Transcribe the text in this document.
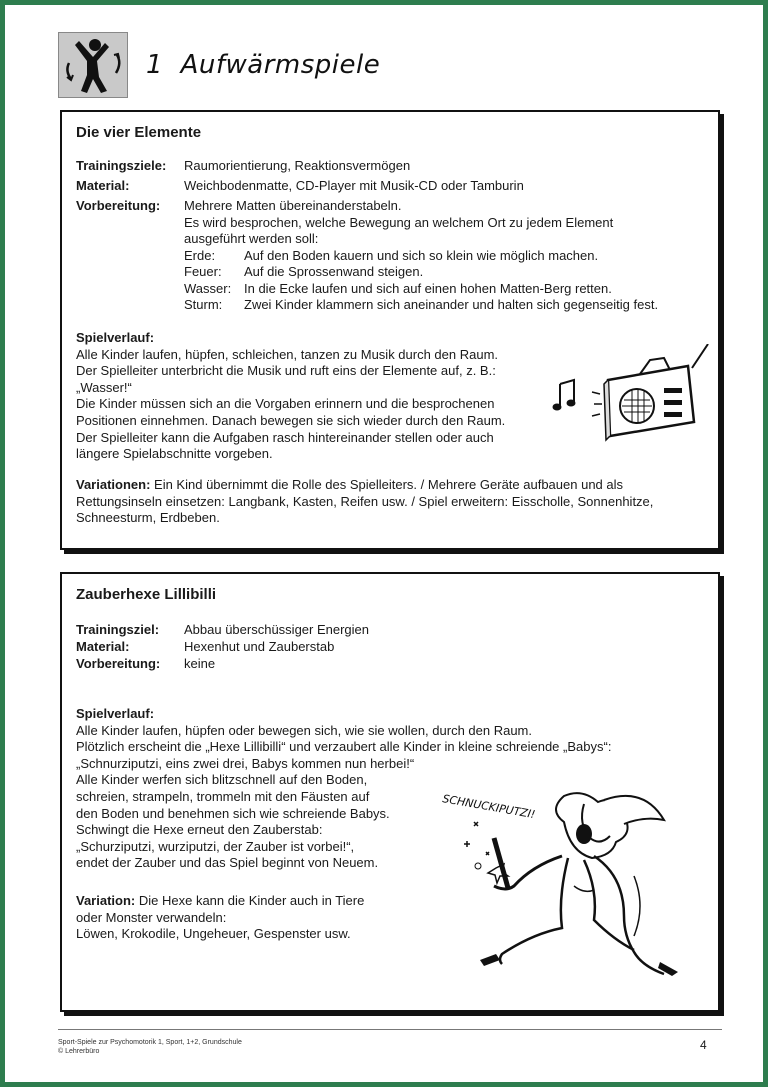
1 Aufwärmspiele
Die vier Elemente
Trainingsziele:	Raumorientierung, Reaktionsvermögen
Material:	Weichbodenmatte, CD-Player mit Musik-CD oder Tamburin
Vorbereitung:	Mehrere Matten übereinanderstabeln.
Es wird besprochen, welche Bewegung an welchem Ort zu jedem Element
ausgeführt werden soll:
Erde:	Auf den Boden kauern und sich so klein wie möglich machen.
Feuer:	Auf die Sprossenwand steigen.
Wasser: In die Ecke laufen und sich auf einen hohen Matten-Berg retten.
Sturm:	Zwei Kinder klammern sich aneinander und halten sich gegenseitig fest.

Spielverlauf:

Alle Kinder laufen, hüpfen, schleichen, tanzen zu Musik durch den Raum.

Der Spielleiter unterbricht die Musik und ruft eins der Elemente auf, z. B.:

„Wasser!“

Die Kinder müssen sich an die Vorgaben erinnern und die besprochenen

Positionen einnehmen. Danach bewegen sie sich wieder durch den Raum.

Der Spielleiter kann die Aufgaben rasch hintereinander stellen oder auch

längere Spielabschnitte vorgeben.

Variationen: Ein Kind übernimmt die Rolle des Spielleiters. / Mehrere Geräte aufbauen und als

Rettungsinseln einsetzen: Langbank, Kasten, Reifen usw. / Spiel erweitern: Eisscholle, Sonnenhitze,

Schneesturm, Erdbeben.

Zauberhexe Lillibilli
Trainingsziel:	Abbau überschüssiger Energien
Material:	Hexenhut und Zauberstab
Vorbereitung:	keine

Spielverlauf:

Alle Kinder laufen, hüpfen oder bewegen sich, wie sie wollen, durch den Raum.

Plötzlich erscheint die „Hexe Lillibilli“ und verzaubert alle Kinder in kleine schreiende „Babys“:

„Schnurziputzi, eins zwei drei, Babys kommen nun herbei!“

Alle Kinder werfen sich blitzschnell auf den Boden,

schreien, strampeln, trommeln mit den Fäusten auf

den Boden und benehmen sich wie schreiende Babys.

Schwingt die Hexe erneut den Zauberstab:

„Schurziputzi, wurziputzi, der Zauber ist vorbei!“,

endet der Zauber und das Spiel beginnt von Neuem.

Variation: Die Hexe kann die Kinder auch in Tiere

oder Monster verwandeln:

Löwen, Krokodile, Ungeheuer, Gespenster usw.

SCHNUCKIPUTZI!
Sport-Spiele zur Psychomotorik 1, Sport, 1+2, Grundschule
© Lehrerbüro	4
